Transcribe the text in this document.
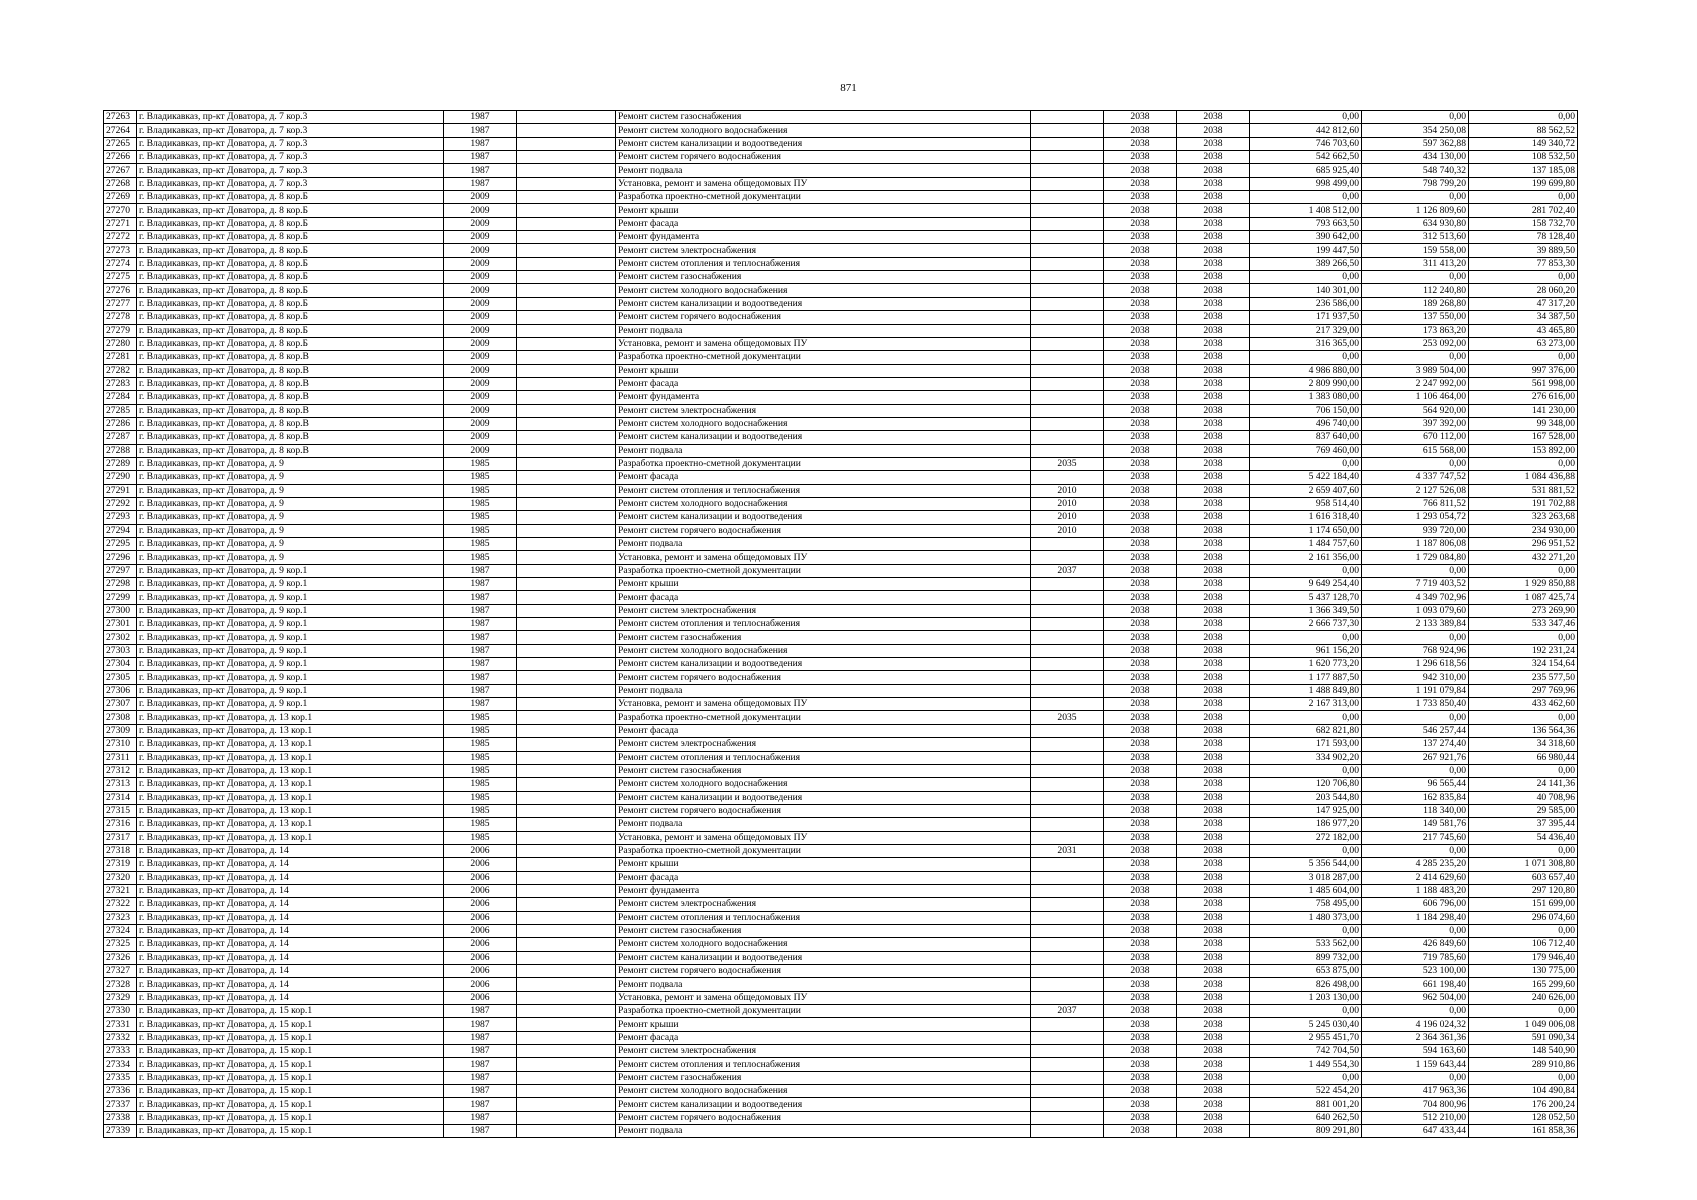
871
27263	г. Владикавказ, пр-кт Доватора, д. 7 кор.3	1987		Ремонт систем газоснабжения		2038	2038	0,00	0,00	0,00
27264	г. Владикавказ, пр-кт Доватора, д. 7 кор.3	1987		Ремонт систем холодного водоснабжения		2038	2038	442 812,60	354 250,08	88 562,52
27265	г. Владикавказ, пр-кт Доватора, д. 7 кор.3	1987		Ремонт систем канализации и водоотведения		2038	2038	746 703,60	597 362,88	149 340,72
27266	г. Владикавказ, пр-кт Доватора, д. 7 кор.3	1987		Ремонт систем горячего водоснабжения		2038	2038	542 662,50	434 130,00	108 532,50
27267	г. Владикавказ, пр-кт Доватора, д. 7 кор.3	1987		Ремонт подвала		2038	2038	685 925,40	548 740,32	137 185,08
27268	г. Владикавказ, пр-кт Доватора, д. 7 кор.3	1987		Установка, ремонт и замена общедомовых ПУ		2038	2038	998 499,00	798 799,20	199 699,80
27269	г. Владикавказ, пр-кт Доватора, д. 8 кор.Б	2009		Разработка проектно-сметной документации		2038	2038	0,00	0,00	0,00
27270	г. Владикавказ, пр-кт Доватора, д. 8 кор.Б	2009		Ремонт крыши		2038	2038	1 408 512,00	1 126 809,60	281 702,40
27271	г. Владикавказ, пр-кт Доватора, д. 8 кор.Б	2009		Ремонт фасада		2038	2038	793 663,50	634 930,80	158 732,70
27272	г. Владикавказ, пр-кт Доватора, д. 8 кор.Б	2009		Ремонт фундамента		2038	2038	390 642,00	312 513,60	78 128,40
27273	г. Владикавказ, пр-кт Доватора, д. 8 кор.Б	2009		Ремонт систем электроснабжения		2038	2038	199 447,50	159 558,00	39 889,50
27274	г. Владикавказ, пр-кт Доватора, д. 8 кор.Б	2009		Ремонт систем отопления и теплоснабжения		2038	2038	389 266,50	311 413,20	77 853,30
27275	г. Владикавказ, пр-кт Доватора, д. 8 кор.Б	2009		Ремонт систем газоснабжения		2038	2038	0,00	0,00	0,00
27276	г. Владикавказ, пр-кт Доватора, д. 8 кор.Б	2009		Ремонт систем холодного водоснабжения		2038	2038	140 301,00	112 240,80	28 060,20
27277	г. Владикавказ, пр-кт Доватора, д. 8 кор.Б	2009		Ремонт систем канализации и водоотведения		2038	2038	236 586,00	189 268,80	47 317,20
27278	г. Владикавказ, пр-кт Доватора, д. 8 кор.Б	2009		Ремонт систем горячего водоснабжения		2038	2038	171 937,50	137 550,00	34 387,50
27279	г. Владикавказ, пр-кт Доватора, д. 8 кор.Б	2009		Ремонт подвала		2038	2038	217 329,00	173 863,20	43 465,80
27280	г. Владикавказ, пр-кт Доватора, д. 8 кор.Б	2009		Установка, ремонт и замена общедомовых ПУ		2038	2038	316 365,00	253 092,00	63 273,00
27281	г. Владикавказ, пр-кт Доватора, д. 8 кор.В	2009		Разработка проектно-сметной документации		2038	2038	0,00	0,00	0,00
27282	г. Владикавказ, пр-кт Доватора, д. 8 кор.В	2009		Ремонт крыши		2038	2038	4 986 880,00	3 989 504,00	997 376,00
27283	г. Владикавказ, пр-кт Доватора, д. 8 кор.В	2009		Ремонт фасада		2038	2038	2 809 990,00	2 247 992,00	561 998,00
27284	г. Владикавказ, пр-кт Доватора, д. 8 кор.В	2009		Ремонт фундамента		2038	2038	1 383 080,00	1 106 464,00	276 616,00
27285	г. Владикавказ, пр-кт Доватора, д. 8 кор.В	2009		Ремонт систем электроснабжения		2038	2038	706 150,00	564 920,00	141 230,00
27286	г. Владикавказ, пр-кт Доватора, д. 8 кор.В	2009		Ремонт систем холодного водоснабжения		2038	2038	496 740,00	397 392,00	99 348,00
27287	г. Владикавказ, пр-кт Доватора, д. 8 кор.В	2009		Ремонт систем канализации и водоотведения		2038	2038	837 640,00	670 112,00	167 528,00
27288	г. Владикавказ, пр-кт Доватора, д. 8 кор.В	2009		Ремонт подвала		2038	2038	769 460,00	615 568,00	153 892,00
27289	г. Владикавказ, пр-кт Доватора, д. 9	1985		Разработка проектно-сметной документации	2035	2038	2038	0,00	0,00	0,00
27290	г. Владикавказ, пр-кт Доватора, д. 9	1985		Ремонт фасада		2038	2038	5 422 184,40	4 337 747,52	1 084 436,88
27291	г. Владикавказ, пр-кт Доватора, д. 9	1985		Ремонт систем отопления и теплоснабжения	2010	2038	2038	2 659 407,60	2 127 526,08	531 881,52
27292	г. Владикавказ, пр-кт Доватора, д. 9	1985		Ремонт систем холодного водоснабжения	2010	2038	2038	958 514,40	766 811,52	191 702,88
27293	г. Владикавказ, пр-кт Доватора, д. 9	1985		Ремонт систем канализации и водоотведения	2010	2038	2038	1 616 318,40	1 293 054,72	323 263,68
27294	г. Владикавказ, пр-кт Доватора, д. 9	1985		Ремонт систем горячего водоснабжения	2010	2038	2038	1 174 650,00	939 720,00	234 930,00
27295	г. Владикавказ, пр-кт Доватора, д. 9	1985		Ремонт подвала		2038	2038	1 484 757,60	1 187 806,08	296 951,52
27296	г. Владикавказ, пр-кт Доватора, д. 9	1985		Установка, ремонт и замена общедомовых ПУ		2038	2038	2 161 356,00	1 729 084,80	432 271,20
27297	г. Владикавказ, пр-кт Доватора, д. 9 кор.1	1987		Разработка проектно-сметной документации	2037	2038	2038	0,00	0,00	0,00
27298	г. Владикавказ, пр-кт Доватора, д. 9 кор.1	1987		Ремонт крыши		2038	2038	9 649 254,40	7 719 403,52	1 929 850,88
27299	г. Владикавказ, пр-кт Доватора, д. 9 кор.1	1987		Ремонт фасада		2038	2038	5 437 128,70	4 349 702,96	1 087 425,74
27300	г. Владикавказ, пр-кт Доватора, д. 9 кор.1	1987		Ремонт систем электроснабжения		2038	2038	1 366 349,50	1 093 079,60	273 269,90
27301	г. Владикавказ, пр-кт Доватора, д. 9 кор.1	1987		Ремонт систем отопления и теплоснабжения		2038	2038	2 666 737,30	2 133 389,84	533 347,46
27302	г. Владикавказ, пр-кт Доватора, д. 9 кор.1	1987		Ремонт систем газоснабжения		2038	2038	0,00	0,00	0,00
27303	г. Владикавказ, пр-кт Доватора, д. 9 кор.1	1987		Ремонт систем холодного водоснабжения		2038	2038	961 156,20	768 924,96	192 231,24
27304	г. Владикавказ, пр-кт Доватора, д. 9 кор.1	1987		Ремонт систем канализации и водоотведения		2038	2038	1 620 773,20	1 296 618,56	324 154,64
27305	г. Владикавказ, пр-кт Доватора, д. 9 кор.1	1987		Ремонт систем горячего водоснабжения		2038	2038	1 177 887,50	942 310,00	235 577,50
27306	г. Владикавказ, пр-кт Доватора, д. 9 кор.1	1987		Ремонт подвала		2038	2038	1 488 849,80	1 191 079,84	297 769,96
27307	г. Владикавказ, пр-кт Доватора, д. 9 кор.1	1987		Установка, ремонт и замена общедомовых ПУ		2038	2038	2 167 313,00	1 733 850,40	433 462,60
27308	г. Владикавказ, пр-кт Доватора, д. 13 кор.1	1985		Разработка проектно-сметной документации	2035	2038	2038	0,00	0,00	0,00
27309	г. Владикавказ, пр-кт Доватора, д. 13 кор.1	1985		Ремонт фасада		2038	2038	682 821,80	546 257,44	136 564,36
27310	г. Владикавказ, пр-кт Доватора, д. 13 кор.1	1985		Ремонт систем электроснабжения		2038	2038	171 593,00	137 274,40	34 318,60
27311	г. Владикавказ, пр-кт Доватора, д. 13 кор.1	1985		Ремонт систем отопления и теплоснабжения		2038	2038	334 902,20	267 921,76	66 980,44
27312	г. Владикавказ, пр-кт Доватора, д. 13 кор.1	1985		Ремонт систем газоснабжения		2038	2038	0,00	0,00	0,00
27313	г. Владикавказ, пр-кт Доватора, д. 13 кор.1	1985		Ремонт систем холодного водоснабжения		2038	2038	120 706,80	96 565,44	24 141,36
27314	г. Владикавказ, пр-кт Доватора, д. 13 кор.1	1985		Ремонт систем канализации и водоотведения		2038	2038	203 544,80	162 835,84	40 708,96
27315	г. Владикавказ, пр-кт Доватора, д. 13 кор.1	1985		Ремонт систем горячего водоснабжения		2038	2038	147 925,00	118 340,00	29 585,00
27316	г. Владикавказ, пр-кт Доватора, д. 13 кор.1	1985		Ремонт подвала		2038	2038	186 977,20	149 581,76	37 395,44
27317	г. Владикавказ, пр-кт Доватора, д. 13 кор.1	1985		Установка, ремонт и замена общедомовых ПУ		2038	2038	272 182,00	217 745,60	54 436,40
27318	г. Владикавказ, пр-кт Доватора, д. 14	2006		Разработка проектно-сметной документации	2031	2038	2038	0,00	0,00	0,00
27319	г. Владикавказ, пр-кт Доватора, д. 14	2006		Ремонт крыши		2038	2038	5 356 544,00	4 285 235,20	1 071 308,80
27320	г. Владикавказ, пр-кт Доватора, д. 14	2006		Ремонт фасада		2038	2038	3 018 287,00	2 414 629,60	603 657,40
27321	г. Владикавказ, пр-кт Доватора, д. 14	2006		Ремонт фундамента		2038	2038	1 485 604,00	1 188 483,20	297 120,80
27322	г. Владикавказ, пр-кт Доватора, д. 14	2006		Ремонт систем электроснабжения		2038	2038	758 495,00	606 796,00	151 699,00
27323	г. Владикавказ, пр-кт Доватора, д. 14	2006		Ремонт систем отопления и теплоснабжения		2038	2038	1 480 373,00	1 184 298,40	296 074,60
27324	г. Владикавказ, пр-кт Доватора, д. 14	2006		Ремонт систем газоснабжения		2038	2038	0,00	0,00	0,00
27325	г. Владикавказ, пр-кт Доватора, д. 14	2006		Ремонт систем холодного водоснабжения		2038	2038	533 562,00	426 849,60	106 712,40
27326	г. Владикавказ, пр-кт Доватора, д. 14	2006		Ремонт систем канализации и водоотведения		2038	2038	899 732,00	719 785,60	179 946,40
27327	г. Владикавказ, пр-кт Доватора, д. 14	2006		Ремонт систем горячего водоснабжения		2038	2038	653 875,00	523 100,00	130 775,00
27328	г. Владикавказ, пр-кт Доватора, д. 14	2006		Ремонт подвала		2038	2038	826 498,00	661 198,40	165 299,60
27329	г. Владикавказ, пр-кт Доватора, д. 14	2006		Установка, ремонт и замена общедомовых ПУ		2038	2038	1 203 130,00	962 504,00	240 626,00
27330	г. Владикавказ, пр-кт Доватора, д. 15 кор.1	1987		Разработка проектно-сметной документации	2037	2038	2038	0,00	0,00	0,00
27331	г. Владикавказ, пр-кт Доватора, д. 15 кор.1	1987		Ремонт крыши		2038	2038	5 245 030,40	4 196 024,32	1 049 006,08
27332	г. Владикавказ, пр-кт Доватора, д. 15 кор.1	1987		Ремонт фасада		2038	2038	2 955 451,70	2 364 361,36	591 090,34
27333	г. Владикавказ, пр-кт Доватора, д. 15 кор.1	1987		Ремонт систем электроснабжения		2038	2038	742 704,50	594 163,60	148 540,90
27334	г. Владикавказ, пр-кт Доватора, д. 15 кор.1	1987		Ремонт систем отопления и теплоснабжения		2038	2038	1 449 554,30	1 159 643,44	289 910,86
27335	г. Владикавказ, пр-кт Доватора, д. 15 кор.1	1987		Ремонт систем газоснабжения		2038	2038	0,00	0,00	0,00
27336	г. Владикавказ, пр-кт Доватора, д. 15 кор.1	1987		Ремонт систем холодного водоснабжения		2038	2038	522 454,20	417 963,36	104 490,84
27337	г. Владикавказ, пр-кт Доватора, д. 15 кор.1	1987		Ремонт систем канализации и водоотведения		2038	2038	881 001,20	704 800,96	176 200,24
27338	г. Владикавказ, пр-кт Доватора, д. 15 кор.1	1987		Ремонт систем горячего водоснабжения		2038	2038	640 262,50	512 210,00	128 052,50
27339	г. Владикавказ, пр-кт Доватора, д. 15 кор.1	1987		Ремонт подвала		2038	2038	809 291,80	647 433,44	161 858,36
